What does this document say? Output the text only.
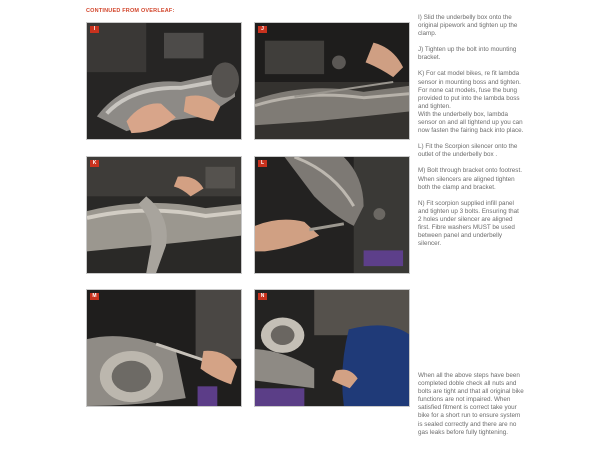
CONTINUED FROM OVERLEAF:
I	J
K	L
M	N

I) Slid the underbelly box onto the original pipework and tighten up the clamp.

J) Tighten up the bolt into mounting bracket.

K) For cat model bikes, re fit lambda sensor in mounting boss and tighten.

For none cat models, fuse the bung provided to put into the lambda boss and tighten.

With the underbelly box, lambda sensor on and all tightend up you can now fasten the fairing back into place.

L) Fit the Scorpion silencer onto the outlet of the underbelly box .

M) Bolt through bracket onto footrest. When silencers are aligned tighten both the clamp and bracket.

N) Fit scorpion supplied infill panel and tighten up 3 bolts. Ensuring that 2 holes under silencer are aligned first. Fibre washers MUST be used between panel and underbelly silencer.

When all the above steps have been completed doble check all nuts and bolts are tight and that all original bike functions are not impaired. When satisfied fitment is correct take your bike for a short run to ensure system is sealed correctly and there are no gas leaks before fully tightening.
